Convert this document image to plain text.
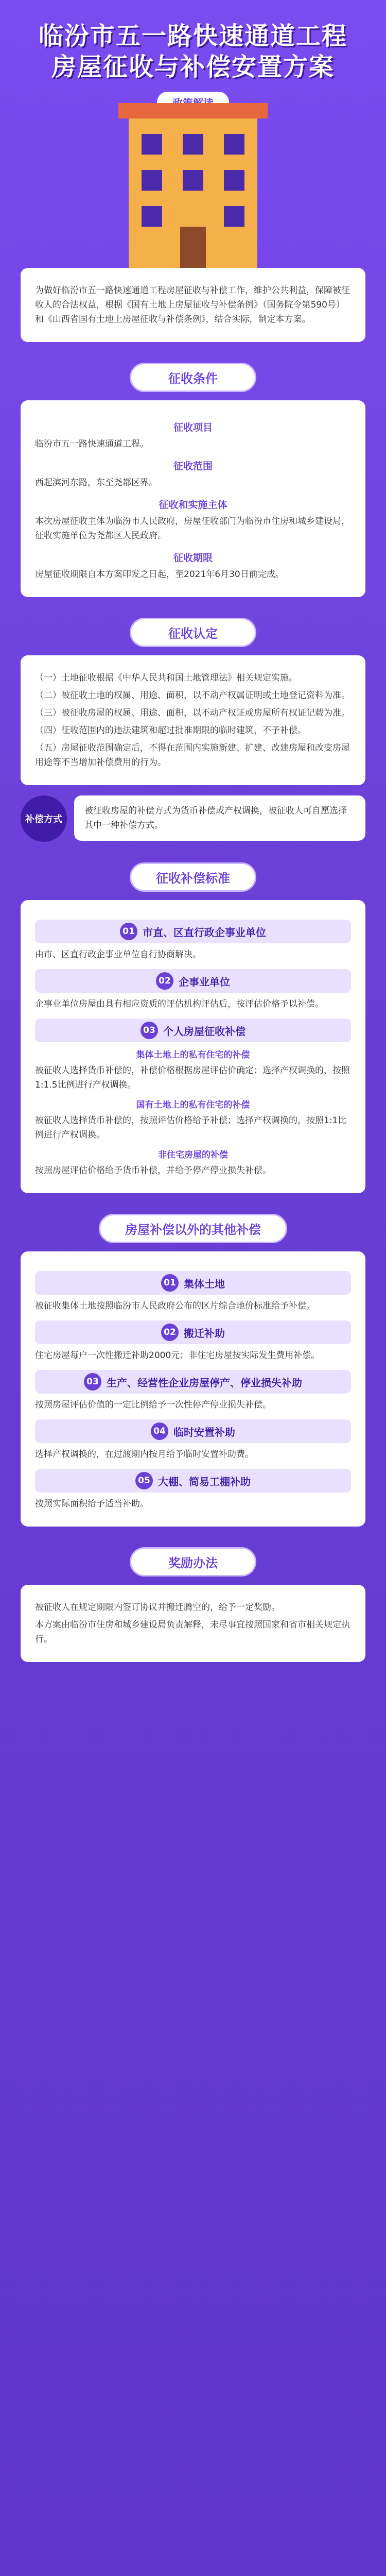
临汾市五一路快速通道工程
房屋征收与补偿安置方案

为做好临汾市五一路快速通道工程房屋征收与补偿工作，维护公共利益，保障被征收人的合法权益，根据《国有土地上房屋征收与补偿条例》（国务院令第590号）和《山西省国有土地上房屋征收与补偿条例》，结合实际，制定本方案。

征收条件
征收项目

临汾市五一路快速通道工程。

征收范围

西起滨河东路，东至尧都区界。

征收和实施主体

本次房屋征收主体为临汾市人民政府，房屋征收部门为临汾市住房和城乡建设局，征收实施单位为尧都区人民政府。

征收期限

房屋征收期限自本方案印发之日起，至2021年6月30日前完成。

征收认定

（一）土地征收根据《中华人民共和国土地管理法》相关规定实施。

（二）被征收土地的权属、用途、面积，以不动产权属证明或土地登记资料为准。

（三）被征收房屋的权属、用途、面积，以不动产权证或房屋所有权证记载为准。

（四）征收范围内的违法建筑和超过批准期限的临时建筑，不予补偿。

（五）房屋征收范围确定后，不得在范围内实施新建、扩建、改建房屋和改变房屋用途等不当增加补偿费用的行为。

补偿方式
被征收房屋的补偿方式为货币补偿或产权调换，被征收人可自愿选择其中一种补偿方式。
征收补偿标准
01 市直、区直行政企事业单位

由市、区直行政企事业单位自行协商解决。

02 企事业单位

企事业单位房屋由具有相应资质的评估机构评估后，按评估价格予以补偿。

03 个人房屋征收补偿
集体土地上的私有住宅的补偿

被征收人选择货币补偿的，补偿价格根据房屋评估价确定；选择产权调换的，按照1:1.5比例进行产权调换。

国有土地上的私有住宅的补偿

被征收人选择货币补偿的，按照评估价格给予补偿；选择产权调换的，按照1:1比例进行产权调换。

非住宅房屋的补偿

按照房屋评估价格给予货币补偿，并给予停产停业损失补偿。

房屋补偿以外的其他补偿
01 集体土地

被征收集体土地按照临汾市人民政府公布的区片综合地价标准给予补偿。

02 搬迁补助

住宅房屋每户一次性搬迁补助2000元；非住宅房屋按实际发生费用补偿。

03 生产、经营性企业房屋停产、停业损失补助

按照房屋评估价值的一定比例给予一次性停产停业损失补偿。

04 临时安置补助

选择产权调换的，在过渡期内按月给予临时安置补助费。

05 大棚、简易工棚补助

按照实际面积给予适当补助。

奖励办法

被征收人在规定期限内签订协议并搬迁腾空的，给予一定奖励。

本方案由临汾市住房和城乡建设局负责解释，未尽事宜按照国家和省市相关规定执行。
